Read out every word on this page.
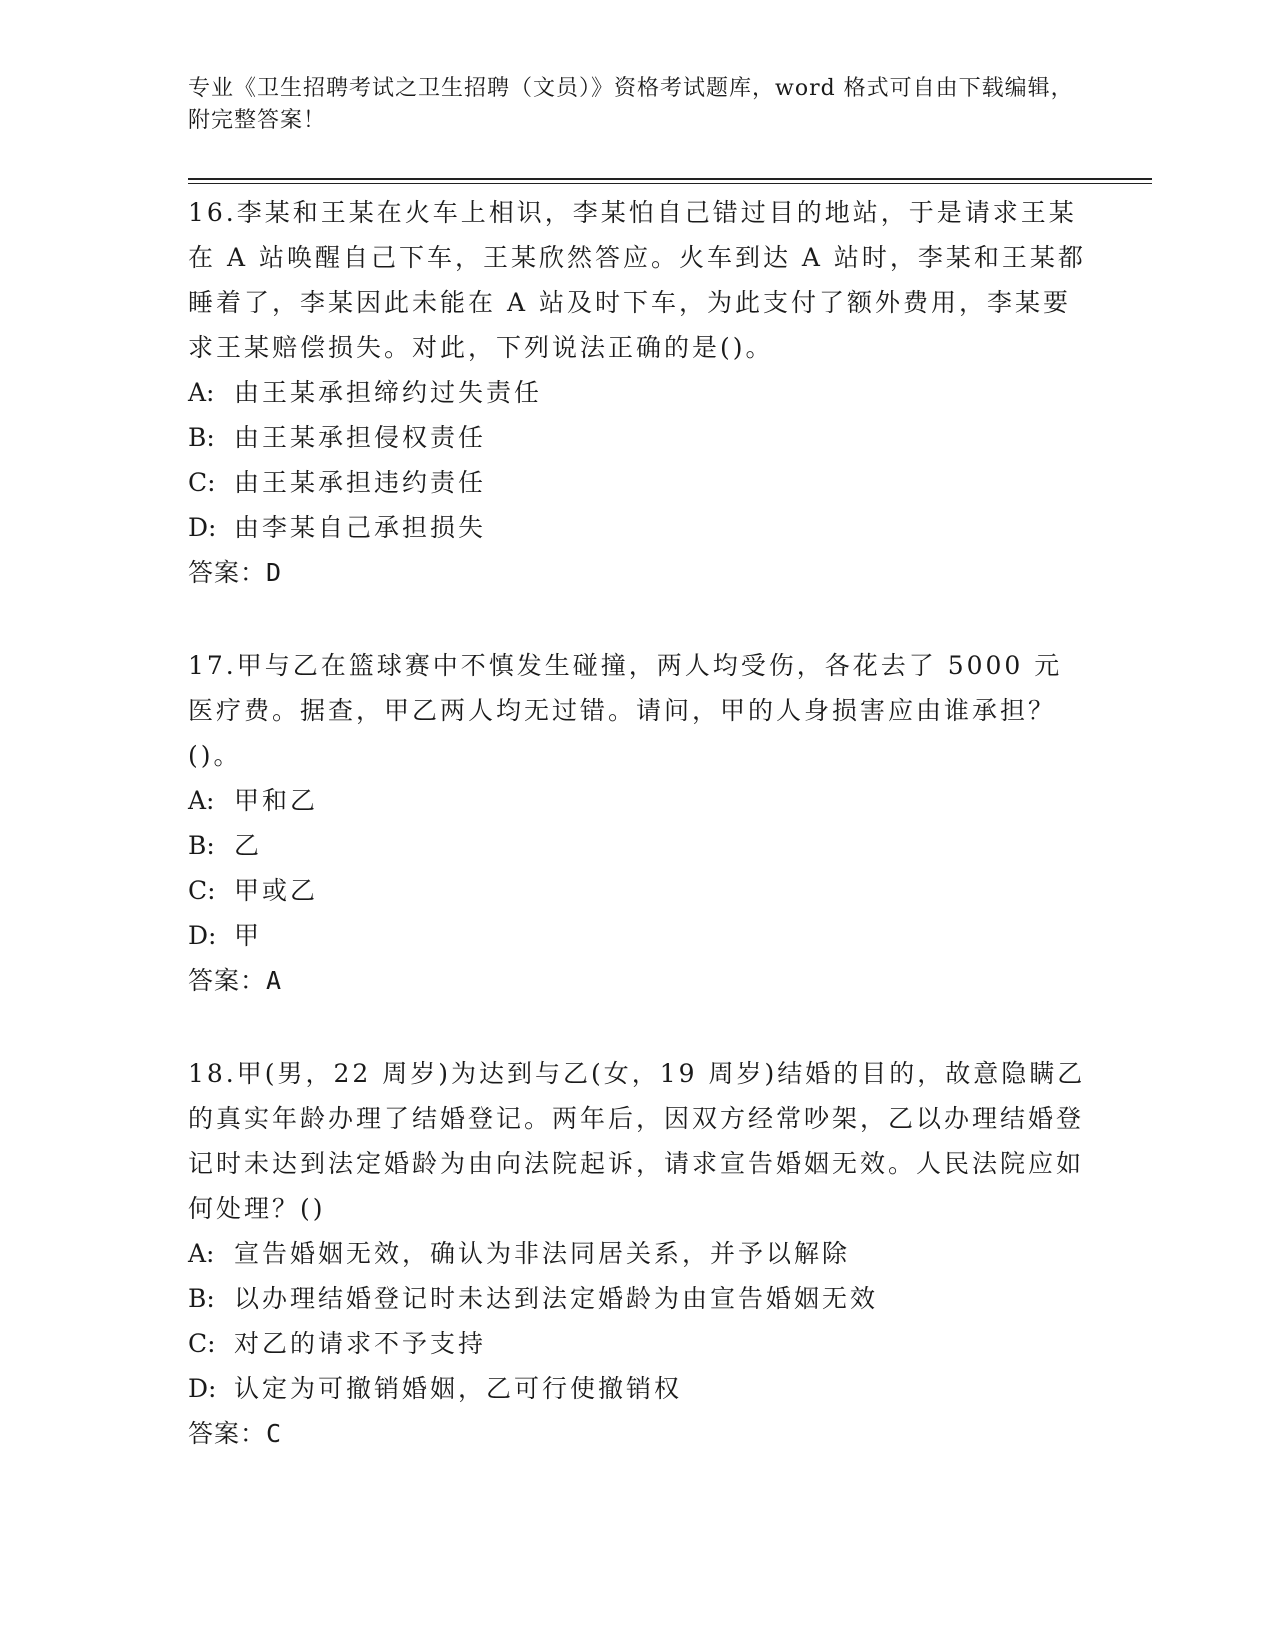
专业《卫生招聘考试之卫生招聘（文员）》资格考试题库，word 格式可自由下载编辑，附完整答案！

16.李某和王某在火车上相识，李某怕自己错过目的地站，于是请求王某在 A 站唤醒自己下车，王某欣然答应。火车到达 A 站时，李某和王某都睡着了，李某因此未能在 A 站及时下车，为此支付了额外费用，李某要求王某赔偿损失。对此，下列说法正确的是()。

A: 由王某承担缔约过失责任

B: 由王某承担侵权责任

C: 由王某承担违约责任

D: 由李某自己承担损失

答案：D

17.甲与乙在篮球赛中不慎发生碰撞，两人均受伤，各花去了 5000 元医疗费。据查，甲乙两人均无过错。请问，甲的人身损害应由谁承担？()。

A: 甲和乙

B: 乙

C: 甲或乙

D: 甲

答案：A

18.甲(男，22 周岁)为达到与乙(女，19 周岁)结婚的目的，故意隐瞒乙的真实年龄办理了结婚登记。两年后，因双方经常吵架，乙以办理结婚登记时未达到法定婚龄为由向法院起诉，请求宣告婚姻无效。人民法院应如何处理？()

A: 宣告婚姻无效，确认为非法同居关系，并予以解除

B: 以办理结婚登记时未达到法定婚龄为由宣告婚姻无效

C: 对乙的请求不予支持

D: 认定为可撤销婚姻，乙可行使撤销权

答案：C
